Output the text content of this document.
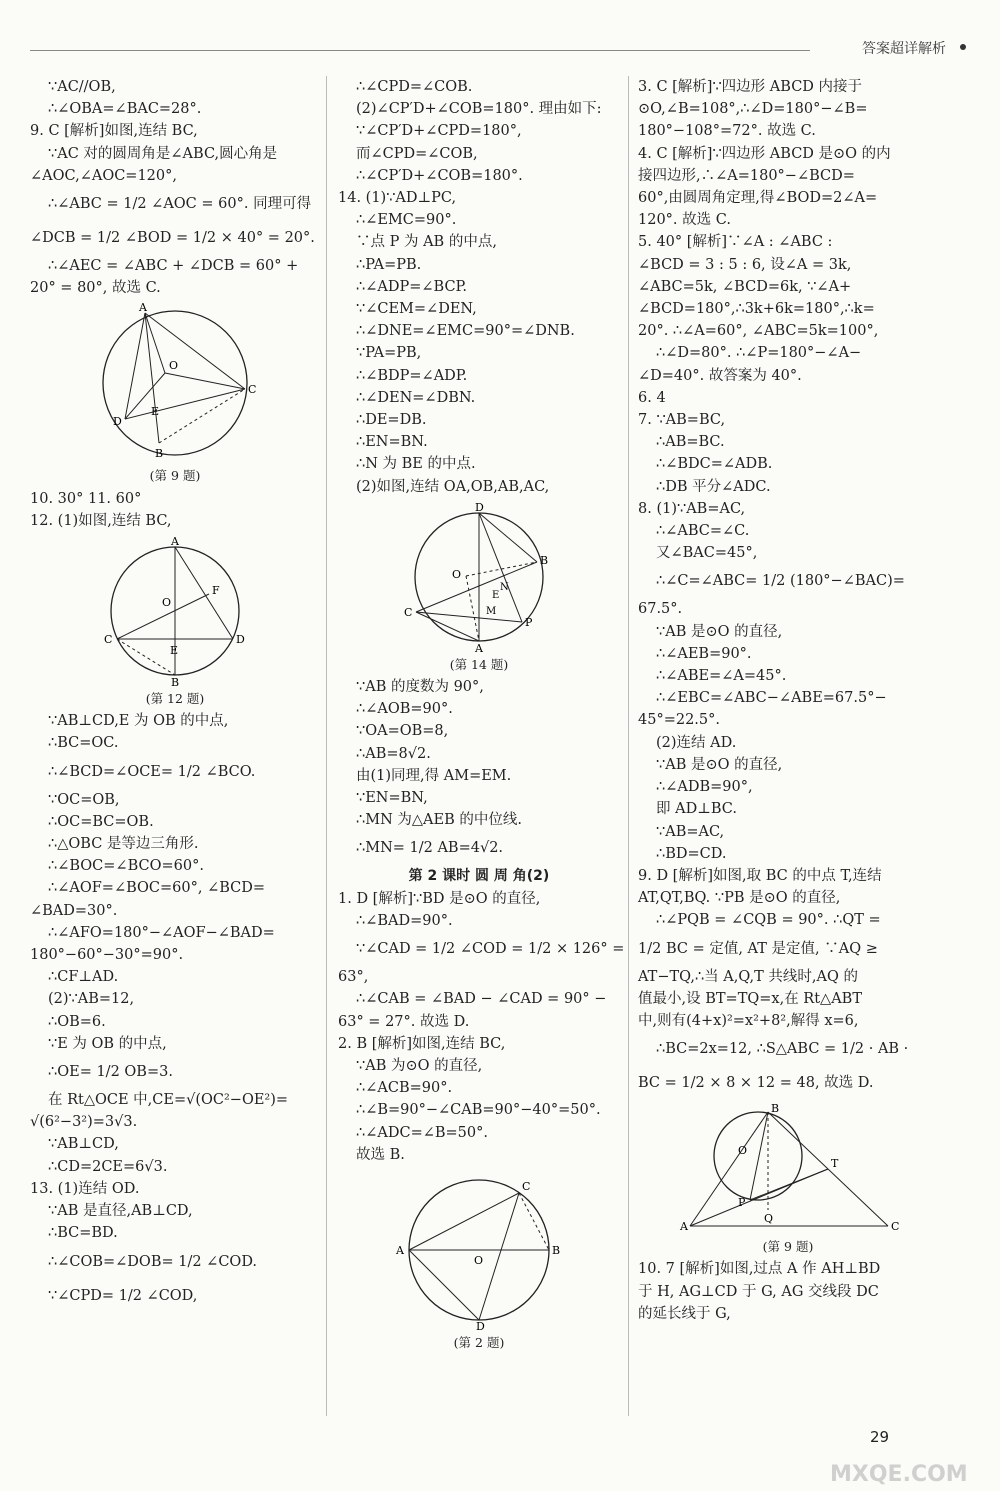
答案超详解析
∵AC//OB,
∴∠OBA=∠BAC=28°.
9. C [解析]如图,连结 BC,
∵AC 对的圆周角是∠ABC,圆心角是
∠AOC,∠AOC=120°,
∴∠ABC = 1/2 ∠AOC = 60°. 同理可得
∠DCB = 1/2 ∠BOD = 1/2 × 40° = 20°.
∴∠AEC = ∠ABC + ∠DCB = 60° +
20° = 80°, 故选 C.
A
O
C
D
B
E
(第 9 题)
10. 30° 11. 60°
12. (1)如图,连结 BC,
A
O
F
C	D
E
B
(第 12 题)
∵AB⊥CD,E 为 OB 的中点,
∴BC=OC.
∴∠BCD=∠OCE= 1/2 ∠BCO.
∵OC=OB,
∴OC=BC=OB.
∴△OBC 是等边三角形.
∴∠BOC=∠BCO=60°.
∴∠AOF=∠BOC=60°, ∠BCD=
∠BAD=30°.
∴∠AFO=180°−∠AOF−∠BAD=
180°−60°−30°=90°.
∴CF⊥AD.
(2)∵AB=12,
∴OB=6.
∵E 为 OB 的中点,
∴OE= 1/2 OB=3.
在 Rt△OCE 中,CE=√(OC²−OE²)=
√(6²−3²)=3√3.
∵AB⊥CD,
∴CD=2CE=6√3.
13. (1)连结 OD.
∵AB 是直径,AB⊥CD,
∴BC=BD.
∴∠COB=∠DOB= 1/2 ∠COD.
∵∠CPD= 1/2 ∠COD,
∴∠CPD=∠COB.
(2)∠CP′D+∠COB=180°. 理由如下:
∵∠CP′D+∠CPD=180°,
而∠CPD=∠COB,
∴∠CP′D+∠COB=180°.
14. (1)∵AD⊥PC,
∴∠EMC=90°.
∵点 P 为 AB 的中点,
∴PA=PB.
∴∠ADP=∠BCP.
∵∠CEM=∠DEN,
∴∠DNE=∠EMC=90°=∠DNB.
∵PA=PB,
∴∠BDP=∠ADP.
∴∠DEN=∠DBN.
∴DE=DB.
∴EN=BN.
∴N 为 BE 的中点.
(2)如图,连结 OA,OB,AB,AC,
D
O
B
C
P
A
E
N
M
(第 14 题)
∵AB 的度数为 90°,
∴∠AOB=90°.
∵OA=OB=8,
∴AB=8√2.
由(1)同理,得 AM=EM.
∵EN=BN,
∴MN 为△AEB 的中位线.
∴MN= 1/2 AB=4√2.
第 2 课时 圆 周 角(2)
1. D [解析]∵BD 是⊙O 的直径,
∴∠BAD=90°.
∵∠CAD = 1/2 ∠COD = 1/2 × 126° =
63°,
∴∠CAB = ∠BAD − ∠CAD = 90° −
63° = 27°. 故选 D.
2. B [解析]如图,连结 BC,
∵AB 为⊙O 的直径,
∴∠ACB=90°.
∴∠B=90°−∠CAB=90°−40°=50°.
∴∠ADC=∠B=50°.
故选 B.
A	B
C
O
D
(第 2 题)
3. C [解析]∵四边形 ABCD 内接于
⊙O,∠B=108°,∴∠D=180°−∠B=
180°−108°=72°. 故选 C.
4. C [解析]∵四边形 ABCD 是⊙O 的内
接四边形,∴∠A=180°−∠BCD=
60°,由圆周角定理,得∠BOD=2∠A=
120°. 故选 C.
5. 40° [解析]∵∠A : ∠ABC :
∠BCD = 3 : 5 : 6, 设∠A = 3k,
∠ABC=5k, ∠BCD=6k, ∵∠A+
∠BCD=180°,∴3k+6k=180°,∴k=
20°. ∴∠A=60°, ∠ABC=5k=100°,
∴∠D=80°. ∴∠P=180°−∠A−
∠D=40°. 故答案为 40°.
6. 4
7. ∵AB=BC,
∴AB=BC.
∴∠BDC=∠ADB.
∴DB 平分∠ADC.
8. (1)∵AB=AC,
∴∠ABC=∠C.
又∠BAC=45°,
∴∠C=∠ABC= 1/2 (180°−∠BAC)=
67.5°.
∵AB 是⊙O 的直径,
∴∠AEB=90°.
∴∠ABE=∠A=45°.
∴∠EBC=∠ABC−∠ABE=67.5°−
45°=22.5°.
(2)连结 AD.
∵AB 是⊙O 的直径,
∴∠ADB=90°,
即 AD⊥BC.
∵AB=AC,
∴BD=CD.
9. D [解析]如图,取 BC 的中点 T,连结
AT,QT,BQ. ∵PB 是⊙O 的直径,
∴∠PQB = ∠CQB = 90°. ∴QT =
1/2 BC = 定值, AT 是定值, ∵AQ ≥
AT−TQ,∴当 A,Q,T 共线时,AQ 的
值最小,设 BT=TQ=x,在 Rt△ABT
中,则有(4+x)²=x²+8²,解得 x=6,
∴BC=2x=12, ∴S△ABC = 1/2 · AB ·
BC = 1/2 × 8 × 12 = 48, 故选 D.
A	C
B
T
O
P
Q
(第 9 题)
10. 7 [解析]如图,过点 A 作 AH⊥BD
于 H, AG⊥CD 于 G, AG 交线段 DC
的延长线于 G,
29
MXQE.COM
